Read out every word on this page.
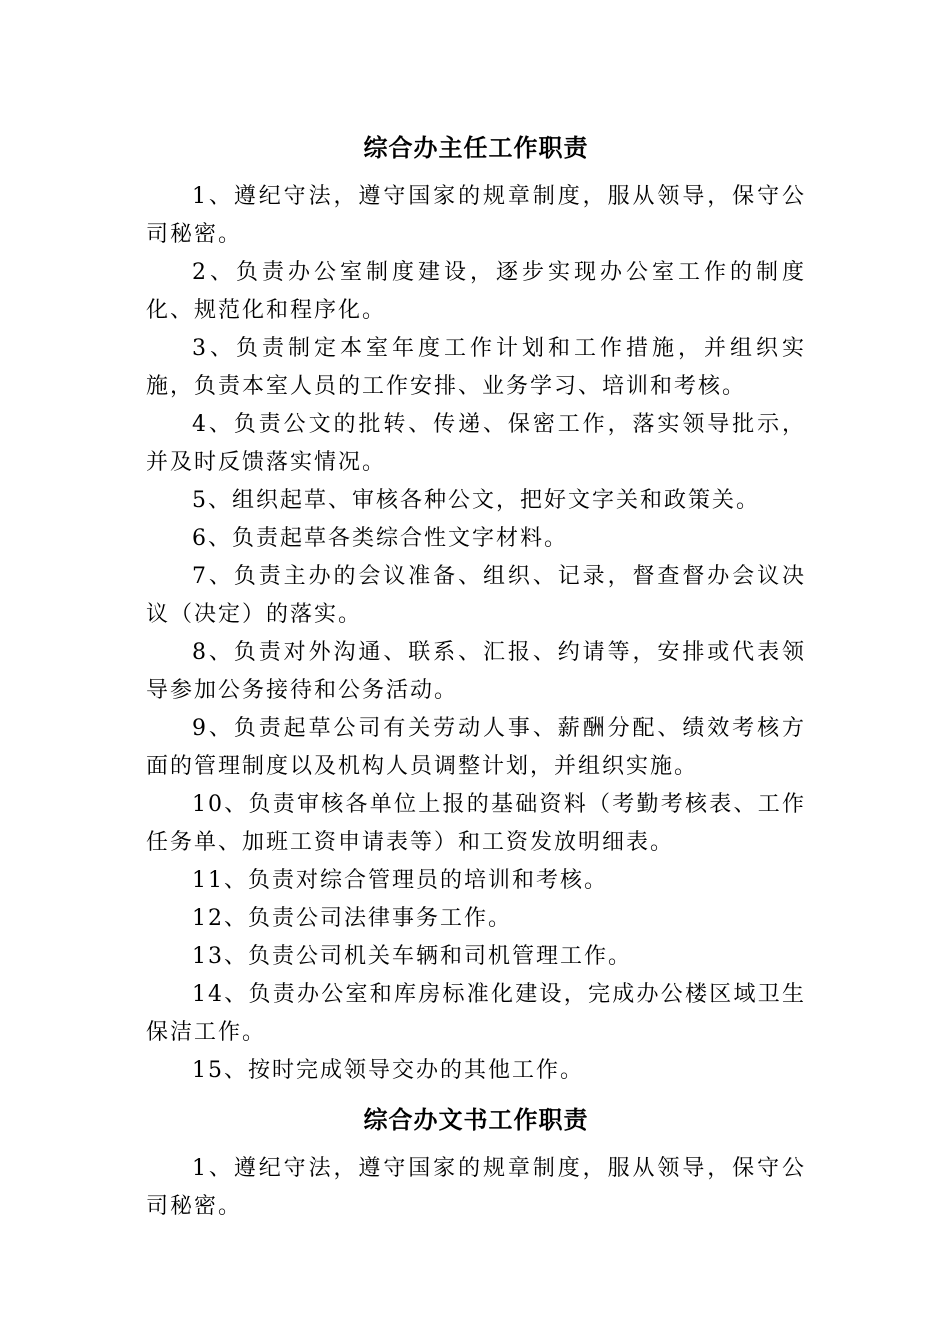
综合办主任工作职责

1、遵纪守法，遵守国家的规章制度，服从领导，保守公司秘密。

2、负责办公室制度建设，逐步实现办公室工作的制度化、规范化和程序化。

3、负责制定本室年度工作计划和工作措施，并组织实施，负责本室人员的工作安排、业务学习、培训和考核。

4、负责公文的批转、传递、保密工作，落实领导批示，并及时反馈落实情况。

5、组织起草、审核各种公文，把好文字关和政策关。

6、负责起草各类综合性文字材料。

7、负责主办的会议准备、组织、记录，督查督办会议决议（决定）的落实。

8、负责对外沟通、联系、汇报、约请等，安排或代表领导参加公务接待和公务活动。

9、负责起草公司有关劳动人事、薪酬分配、绩效考核方面的管理制度以及机构人员调整计划，并组织实施。

10、负责审核各单位上报的基础资料（考勤考核表、工作任务单、加班工资申请表等）和工资发放明细表。

11、负责对综合管理员的培训和考核。

12、负责公司法律事务工作。

13、负责公司机关车辆和司机管理工作。

14、负责办公室和库房标准化建设，完成办公楼区域卫生保洁工作。

15、按时完成领导交办的其他工作。

综合办文书工作职责

1、遵纪守法，遵守国家的规章制度，服从领导，保守公司秘密。
